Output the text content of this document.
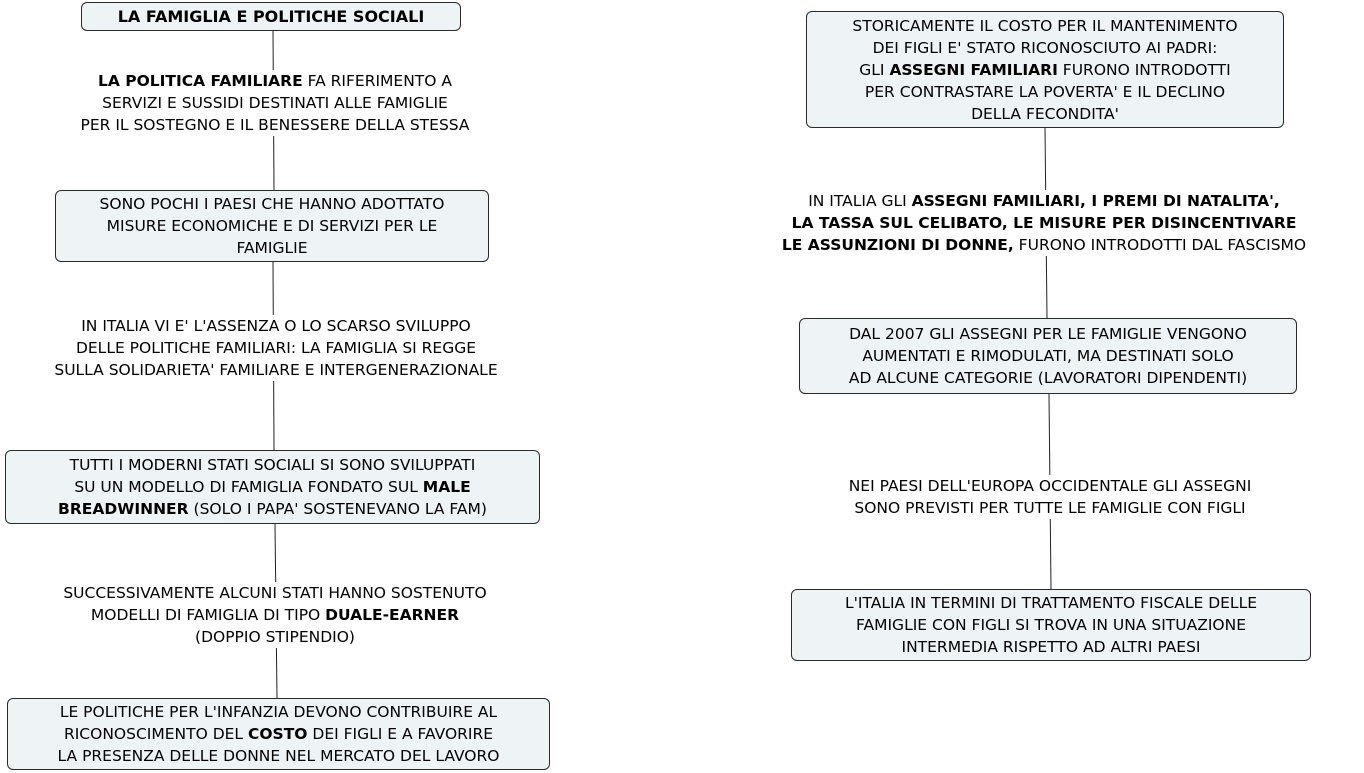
LA FAMIGLIA E POLITICHE SOCIALI
LA POLITICA FAMILIARE FA RIFERIMENTO A
SERVIZI E SUSSIDI DESTINATI ALLE FAMIGLIE
PER IL SOSTEGNO E IL BENESSERE DELLA STESSA
SONO POCHI I PAESI CHE HANNO ADOTTATO
MISURE ECONOMICHE E DI SERVIZI PER LE
FAMIGLIE
IN ITALIA VI E' L'ASSENZA O LO SCARSO SVILUPPO
DELLE POLITICHE FAMILIARI: LA FAMIGLIA SI REGGE
SULLA SOLIDARIETA' FAMILIARE E INTERGENERAZIONALE
TUTTI I MODERNI STATI SOCIALI SI SONO SVILUPPATI
SU UN MODELLO DI FAMIGLIA FONDATO SUL MALE
BREADWINNER (SOLO I PAPA' SOSTENEVANO LA FAM)
SUCCESSIVAMENTE ALCUNI STATI HANNO SOSTENUTO
MODELLI DI FAMIGLIA DI TIPO DUALE-EARNER
(DOPPIO STIPENDIO)
LE POLITICHE PER L'INFANZIA DEVONO CONTRIBUIRE AL
RICONOSCIMENTO DEL COSTO DEI FIGLI E A FAVORIRE
LA PRESENZA DELLE DONNE NEL MERCATO DEL LAVORO
STORICAMENTE IL COSTO PER IL MANTENIMENTO
DEI FIGLI E' STATO RICONOSCIUTO AI PADRI:
GLI ASSEGNI FAMILIARI FURONO INTRODOTTI
PER CONTRASTARE LA POVERTA' E IL DECLINO
DELLA FECONDITA'
IN ITALIA GLI ASSEGNI FAMILIARI, I PREMI DI NATALITA',
LA TASSA SUL CELIBATO, LE MISURE PER DISINCENTIVARE
LE ASSUNZIONI DI DONNE, FURONO INTRODOTTI DAL FASCISMO
DAL 2007 GLI ASSEGNI PER LE FAMIGLIE VENGONO
AUMENTATI E RIMODULATI, MA DESTINATI SOLO
AD ALCUNE CATEGORIE (LAVORATORI DIPENDENTI)
NEI PAESI DELL'EUROPA OCCIDENTALE GLI ASSEGNI
SONO PREVISTI PER TUTTE LE FAMIGLIE CON FIGLI
L'ITALIA IN TERMINI DI TRATTAMENTO FISCALE DELLE
FAMIGLIE CON FIGLI SI TROVA IN UNA SITUAZIONE
INTERMEDIA RISPETTO AD ALTRI PAESI
